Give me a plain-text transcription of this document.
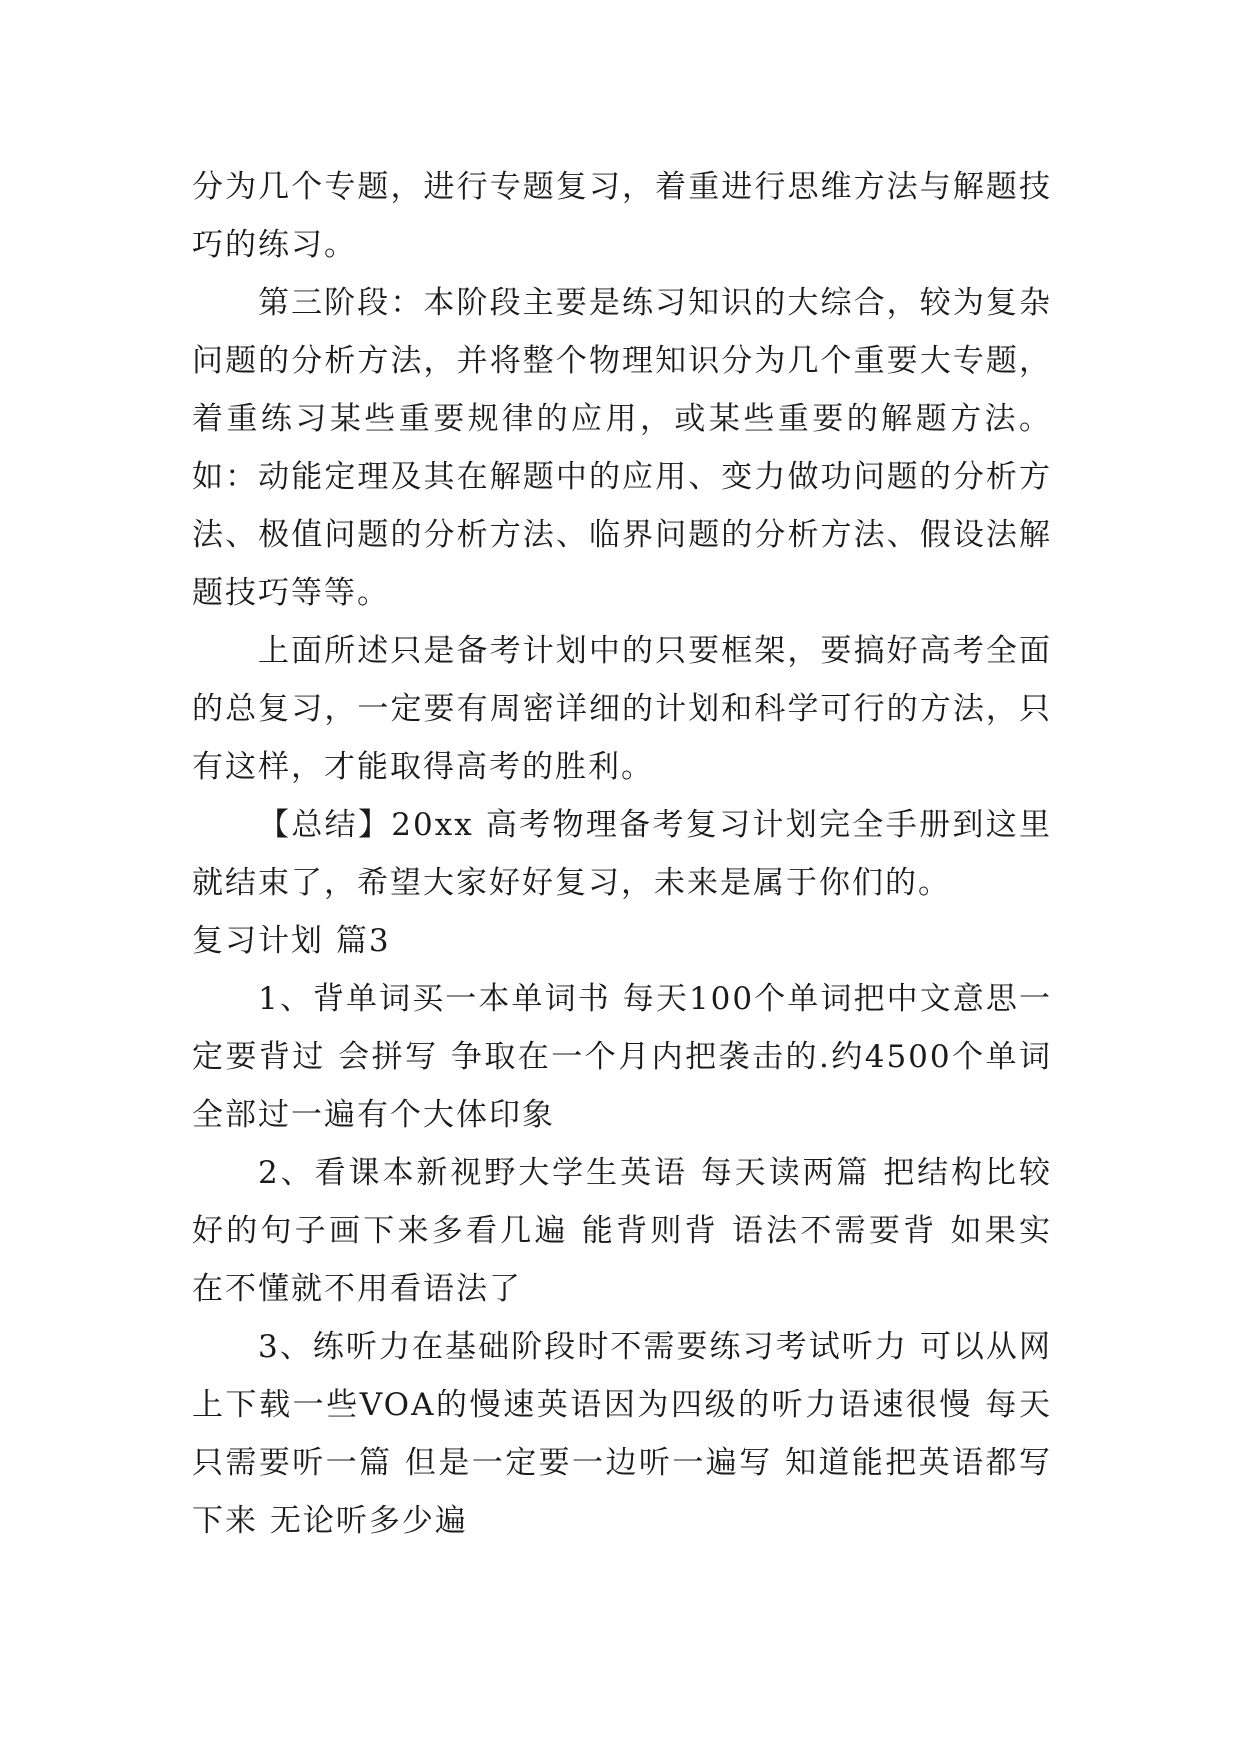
分为几个专题，进行专题复习，着重进行思维方法与解题技巧的练习。

第三阶段：本阶段主要是练习知识的大综合，较为复杂问题的分析方法，并将整个物理知识分为几个重要大专题，着重练习某些重要规律的应用，或某些重要的解题方法。如：动能定理及其在解题中的应用、变力做功问题的分析方法、极值问题的分析方法、临界问题的分析方法、假设法解题技巧等等。

上面所述只是备考计划中的只要框架，要搞好高考全面的总复习，一定要有周密详细的计划和科学可行的方法，只有这样，才能取得高考的胜利。

【总结】20xx 高考物理备考复习计划完全手册到这里就结束了，希望大家好好复习，未来是属于你们的。

复习计划 篇3

1、背单词买一本单词书 每天100个单词把中文意思一定要背过 会拼写 争取在一个月内把袭击的.约4500个单词全部过一遍有个大体印象

2、看课本新视野大学生英语 每天读两篇 把结构比较好的句子画下来多看几遍 能背则背 语法不需要背 如果实在不懂就不用看语法了

3、练听力在基础阶段时不需要练习考试听力 可以从网上下载一些VOA的慢速英语因为四级的听力语速很慢 每天只需要听一篇 但是一定要一边听一遍写 知道能把英语都写下来 无论听多少遍
